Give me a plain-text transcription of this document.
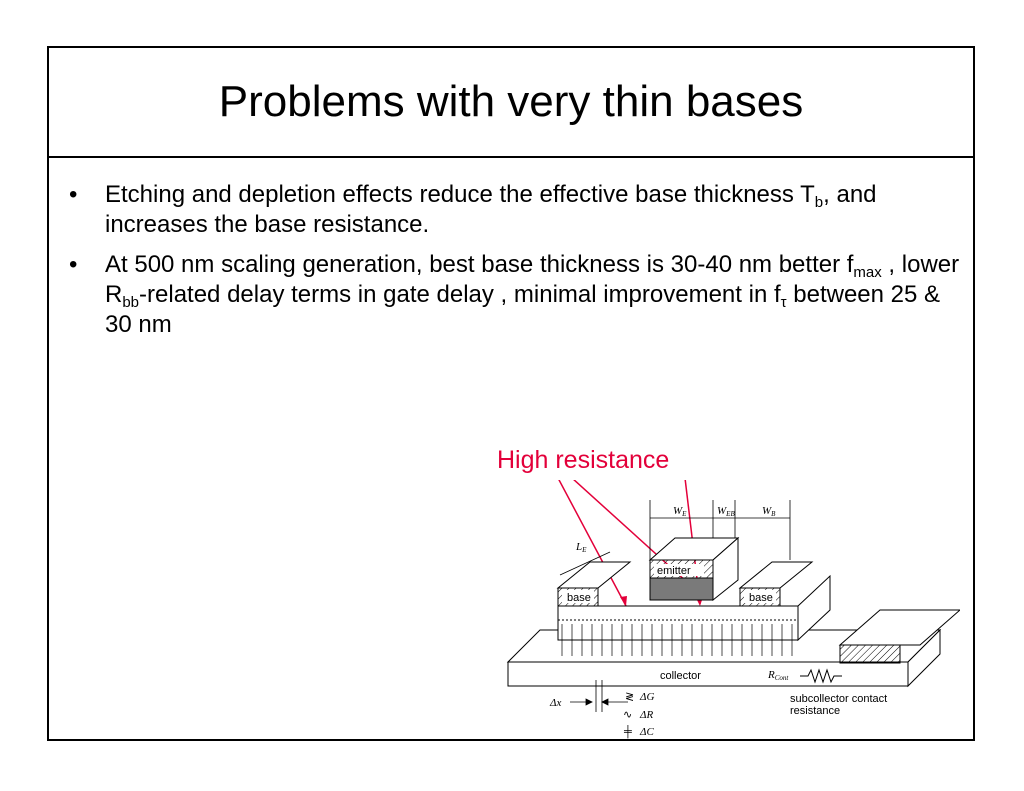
Problems with very thin bases
• Etching and depletion effects reduce the effective base thickness $T_b$, and increases the base resistance.
• At 500 nm scaling generation, best base thickness is 30-40 nm better $f_{max}$ , lower $R_{bb}$-related delay terms in gate delay , minimal improvement in $f_\tau$ between 25 & 30 nm
High resistance
WE	WEB WB
LE
collector	RCont
subcollector contact
resistance
base	base
emitter
Δx	≷ ΔG
∿ ΔR
╪ ΔC
